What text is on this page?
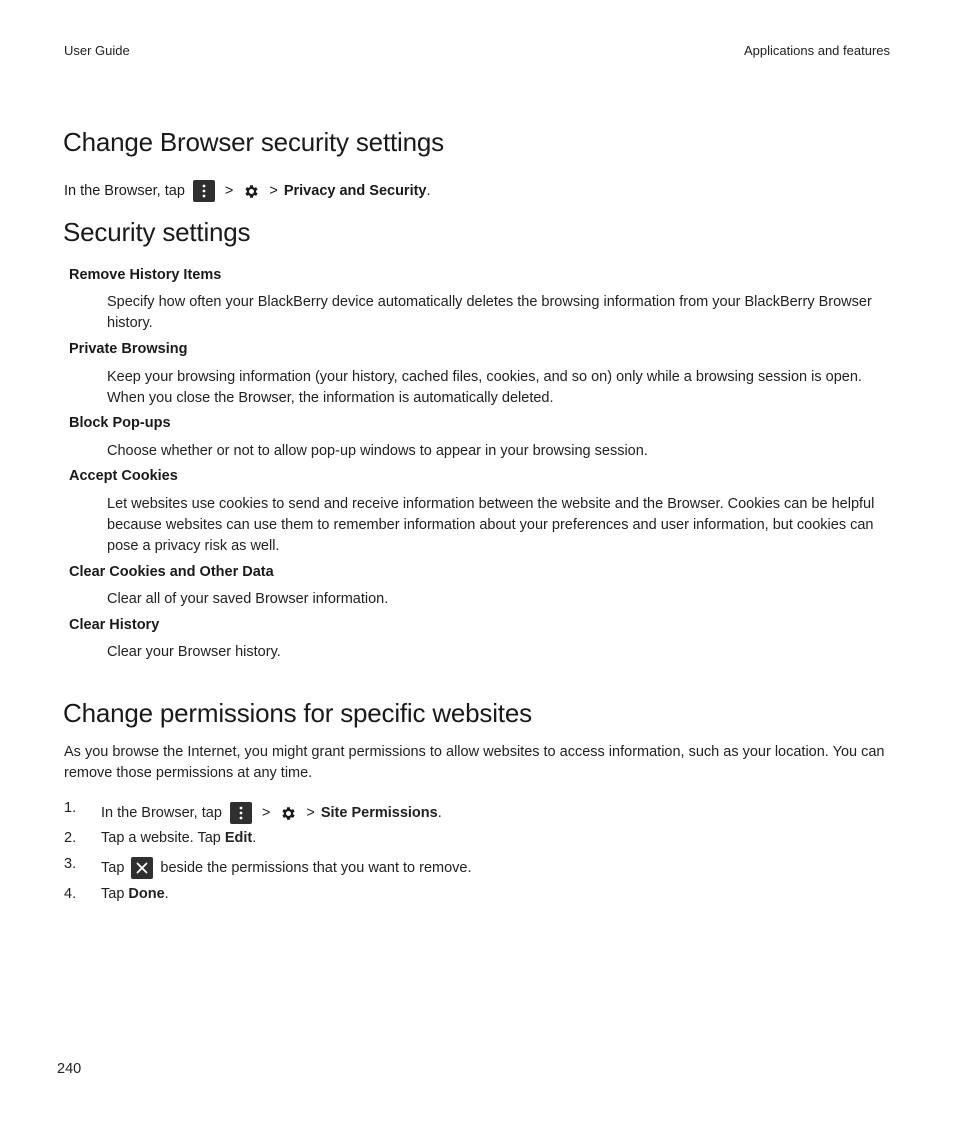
User Guide	Applications and features
Change Browser security settings
In the Browser, tap	> > Privacy and Security .
Security settings
Remove History Items
Specify how often your BlackBerry device automatically deletes the browsing information from your BlackBerry Browser history.
Private Browsing
Keep your browsing information (your history, cached files, cookies, and so on) only while a browsing session is open. When you close the Browser, the information is automatically deleted.
Block Pop-ups
Choose whether or not to allow pop-up windows to appear in your browsing session.
Accept Cookies
Let websites use cookies to send and receive information between the website and the Browser. Cookies can be helpful because websites can use them to remember information about your preferences and user information, but cookies can pose a privacy risk as well.
Clear Cookies and Other Data
Clear all of your saved Browser information.
Clear History
Clear your Browser history.
Change permissions for specific websites
As you browse the Internet, you might grant permissions to allow websites to access information, such as your location. You can remove those permissions at any time.
1. In the Browser, tap	> > Site Permissions .
2. Tap a website. Tap Edit .
3. Tap beside the permissions that you want to remove.
4. Tap Done .
240
